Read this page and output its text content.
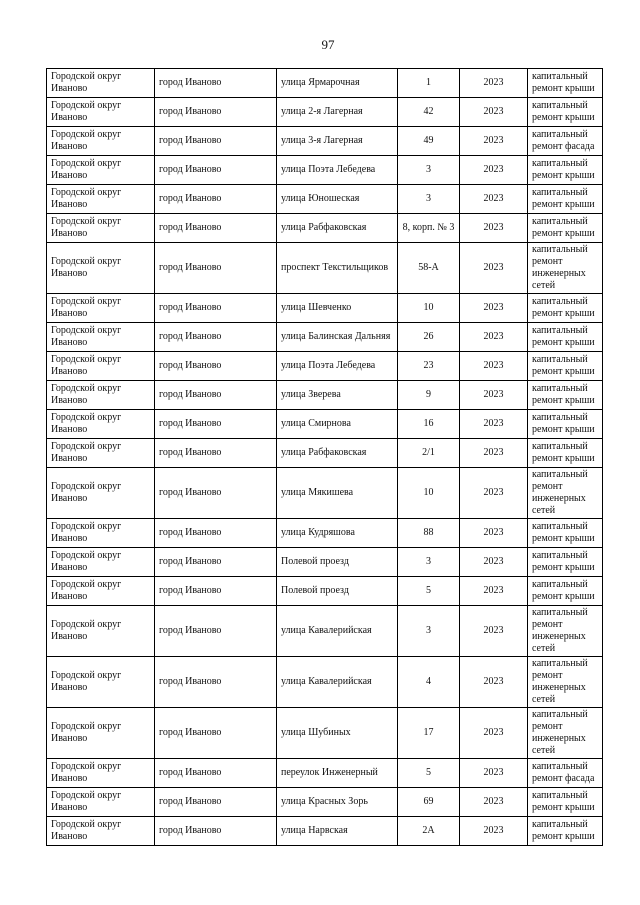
97
Городской округ Иваново	город Иваново	улица Ярмарочная	1	2023	капитальный ремонт крыши
Городской округ Иваново	город Иваново	улица 2-я Лагерная	42	2023	капитальный ремонт крыши
Городской округ Иваново	город Иваново	улица 3-я Лагерная	49	2023	капитальный ремонт фасада
Городской округ Иваново	город Иваново	улица Поэта Лебедева	3	2023	капитальный ремонт крыши
Городской округ Иваново	город Иваново	улица Юношеская	3	2023	капитальный ремонт крыши
Городской округ Иваново	город Иваново	улица Рабфаковская	8, корп. № 3	2023	капитальный ремонт крыши
Городской округ Иваново	город Иваново	проспект Текстильщиков	58-А	2023	капитальный ремонт инженерных сетей
Городской округ Иваново	город Иваново	улица Шевченко	10	2023	капитальный ремонт крыши
Городской округ Иваново	город Иваново	улица Балинская Дальняя	26	2023	капитальный ремонт крыши
Городской округ Иваново	город Иваново	улица Поэта Лебедева	23	2023	капитальный ремонт крыши
Городской округ Иваново	город Иваново	улица Зверева	9	2023	капитальный ремонт крыши
Городской округ Иваново	город Иваново	улица Смирнова	16	2023	капитальный ремонт крыши
Городской округ Иваново	город Иваново	улица Рабфаковская	2/1	2023	капитальный ремонт крыши
Городской округ Иваново	город Иваново	улица Мякишева	10	2023	капитальный ремонт инженерных сетей
Городской округ Иваново	город Иваново	улица Кудряшова	88	2023	капитальный ремонт крыши
Городской округ Иваново	город Иваново	Полевой проезд	3	2023	капитальный ремонт крыши
Городской округ Иваново	город Иваново	Полевой проезд	5	2023	капитальный ремонт крыши
Городской округ Иваново	город Иваново	улица Кавалерийская	3	2023	капитальный ремонт инженерных сетей
Городской округ Иваново	город Иваново	улица Кавалерийская	4	2023	капитальный ремонт инженерных сетей
Городской округ Иваново	город Иваново	улица Шубиных	17	2023	капитальный ремонт инженерных сетей
Городской округ Иваново	город Иваново	переулок Инженерный	5	2023	капитальный ремонт фасада
Городской округ Иваново	город Иваново	улица Красных Зорь	69	2023	капитальный ремонт крыши
Городской округ Иваново	город Иваново	улица Нарвская	2А	2023	капитальный ремонт крыши
